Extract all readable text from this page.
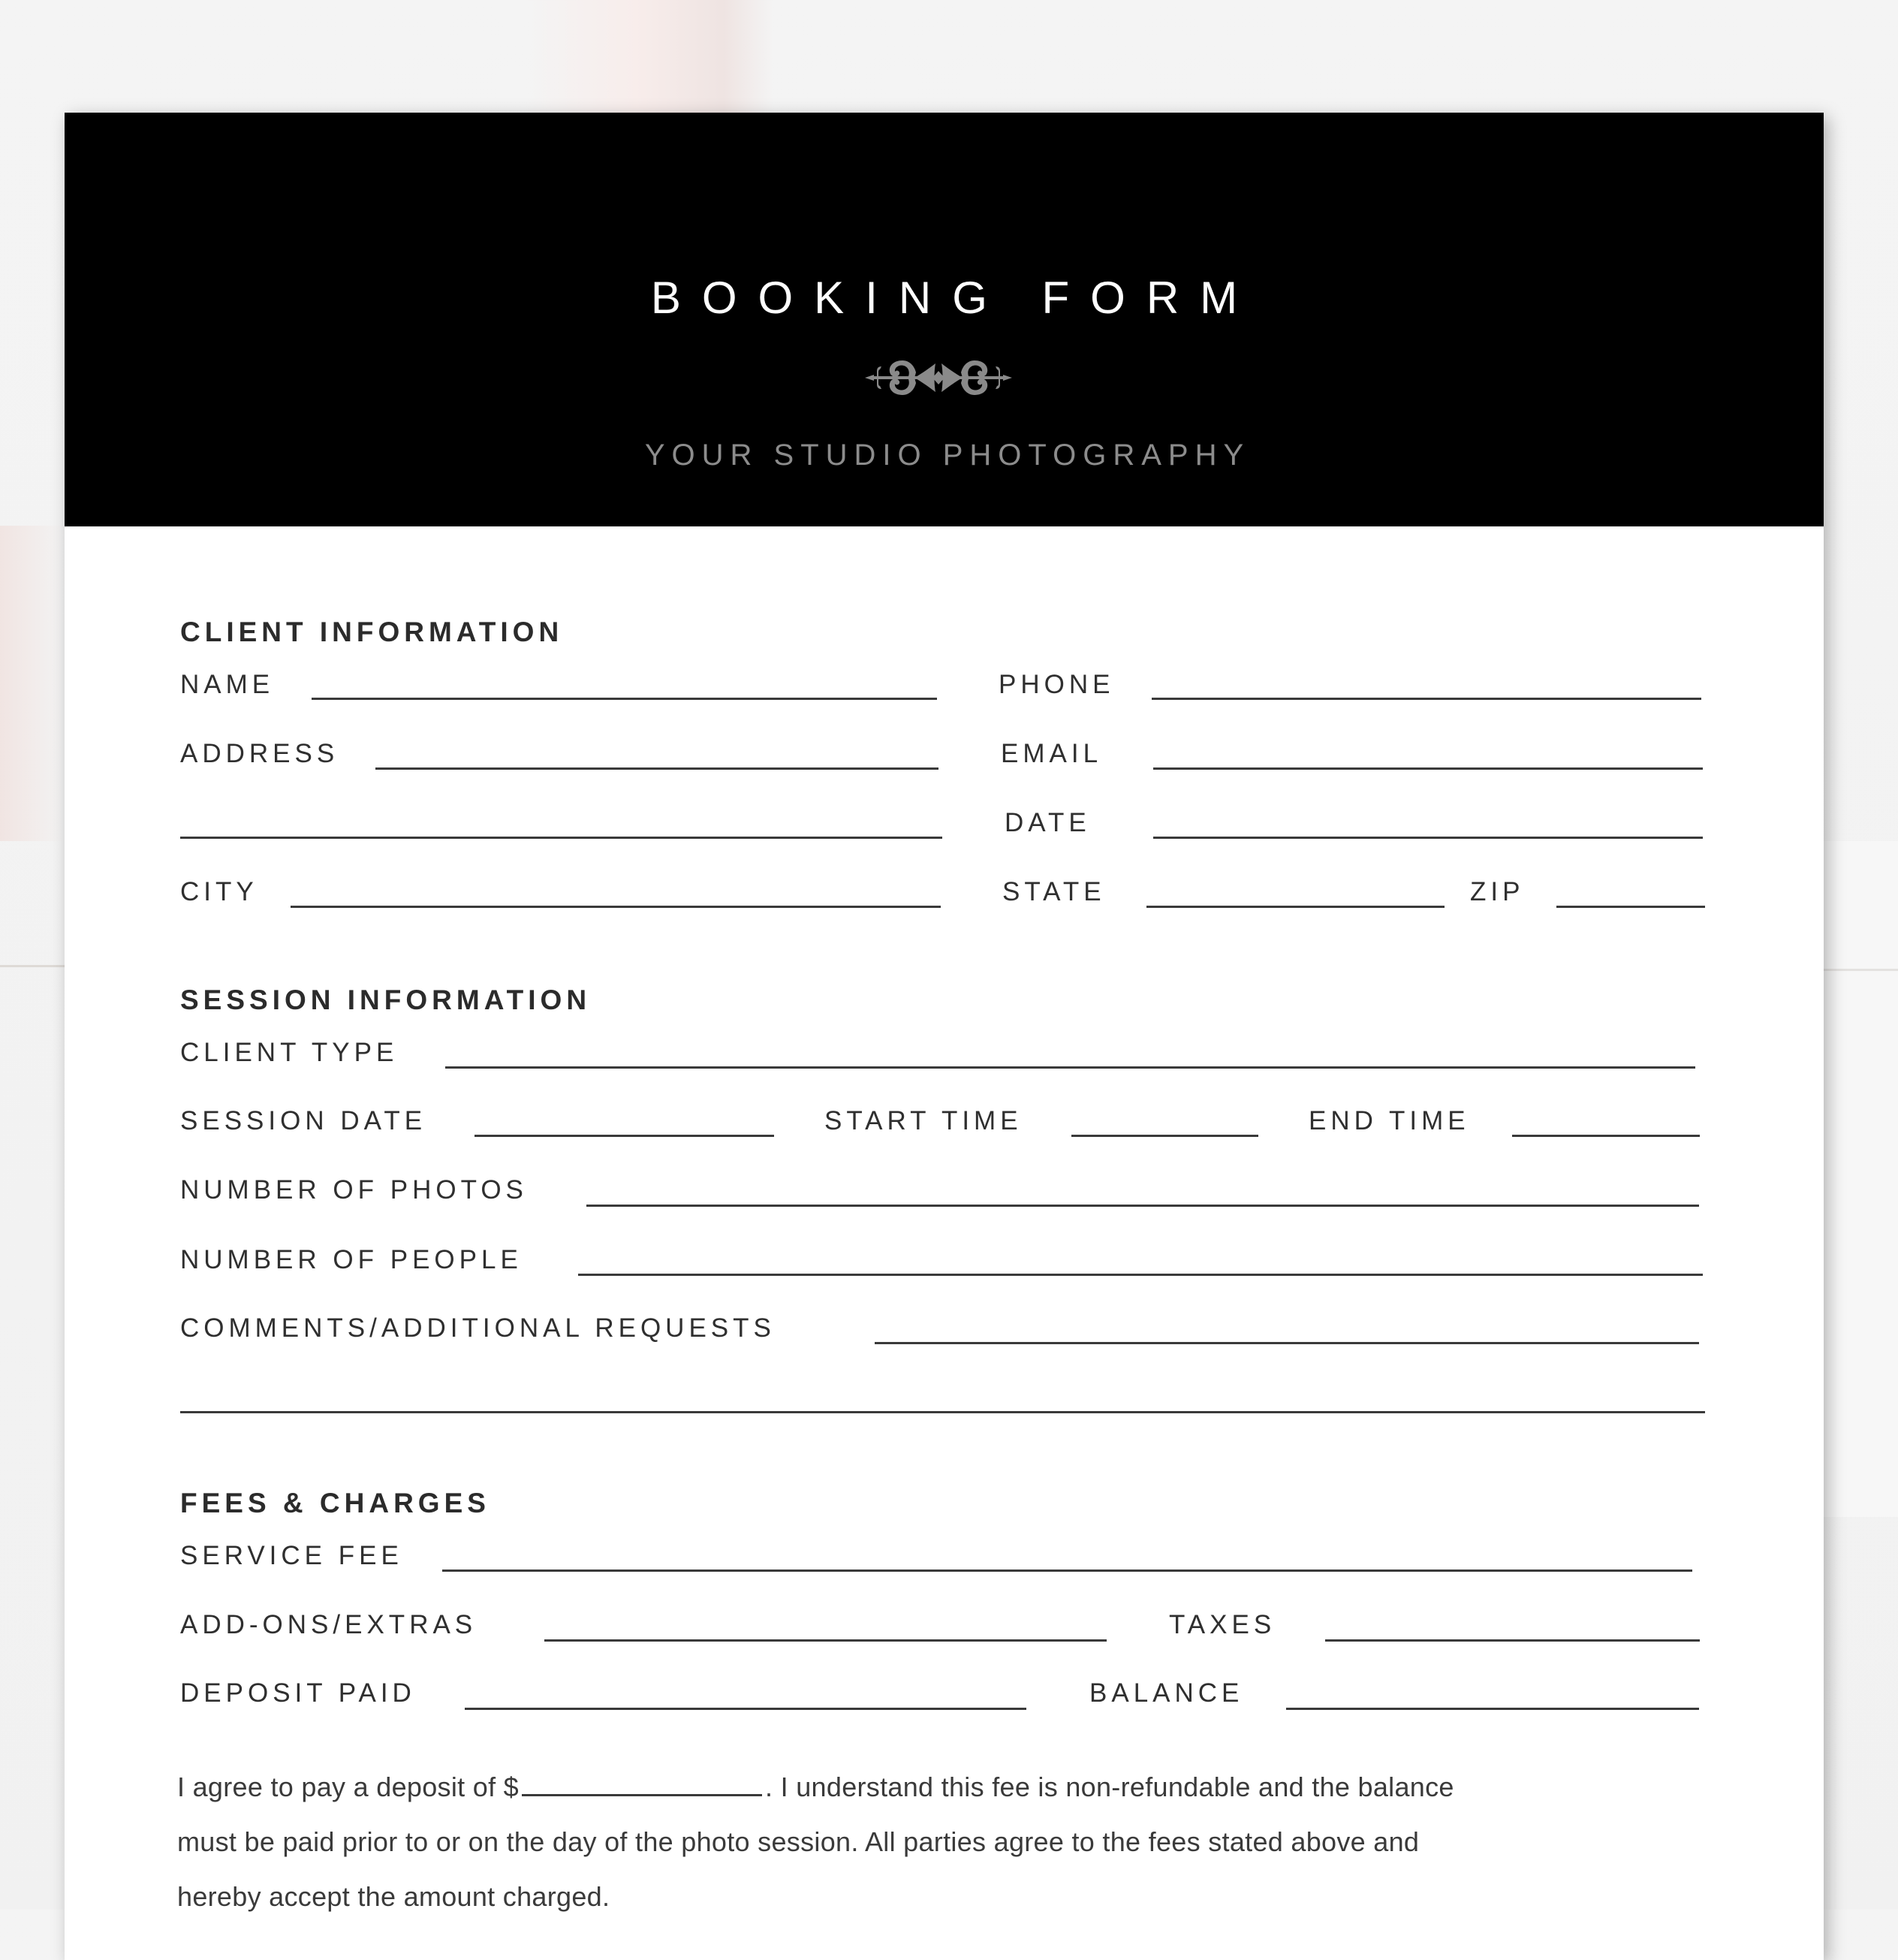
BOOKING FORM
YOUR STUDIO PHOTOGRAPHY
CLIENT INFORMATION
NAME	PHONE
ADDRESS	EMAIL
DATE
CITY	STATE	ZIP
SESSION INFORMATION
CLIENT TYPE
SESSION DATE	START TIME	END TIME
NUMBER OF PHOTOS
NUMBER OF PEOPLE
COMMENTS/ADDITIONAL REQUESTS
FEES & CHARGES
SERVICE FEE
ADD-ONS/EXTRAS	TAXES
DEPOSIT PAID	BALANCE
I agree to pay a deposit of $	. I understand this fee is non-refundable and the balance
must be paid prior to or on the day of the photo session. All parties agree to the fees stated above and
hereby accept the amount charged.
